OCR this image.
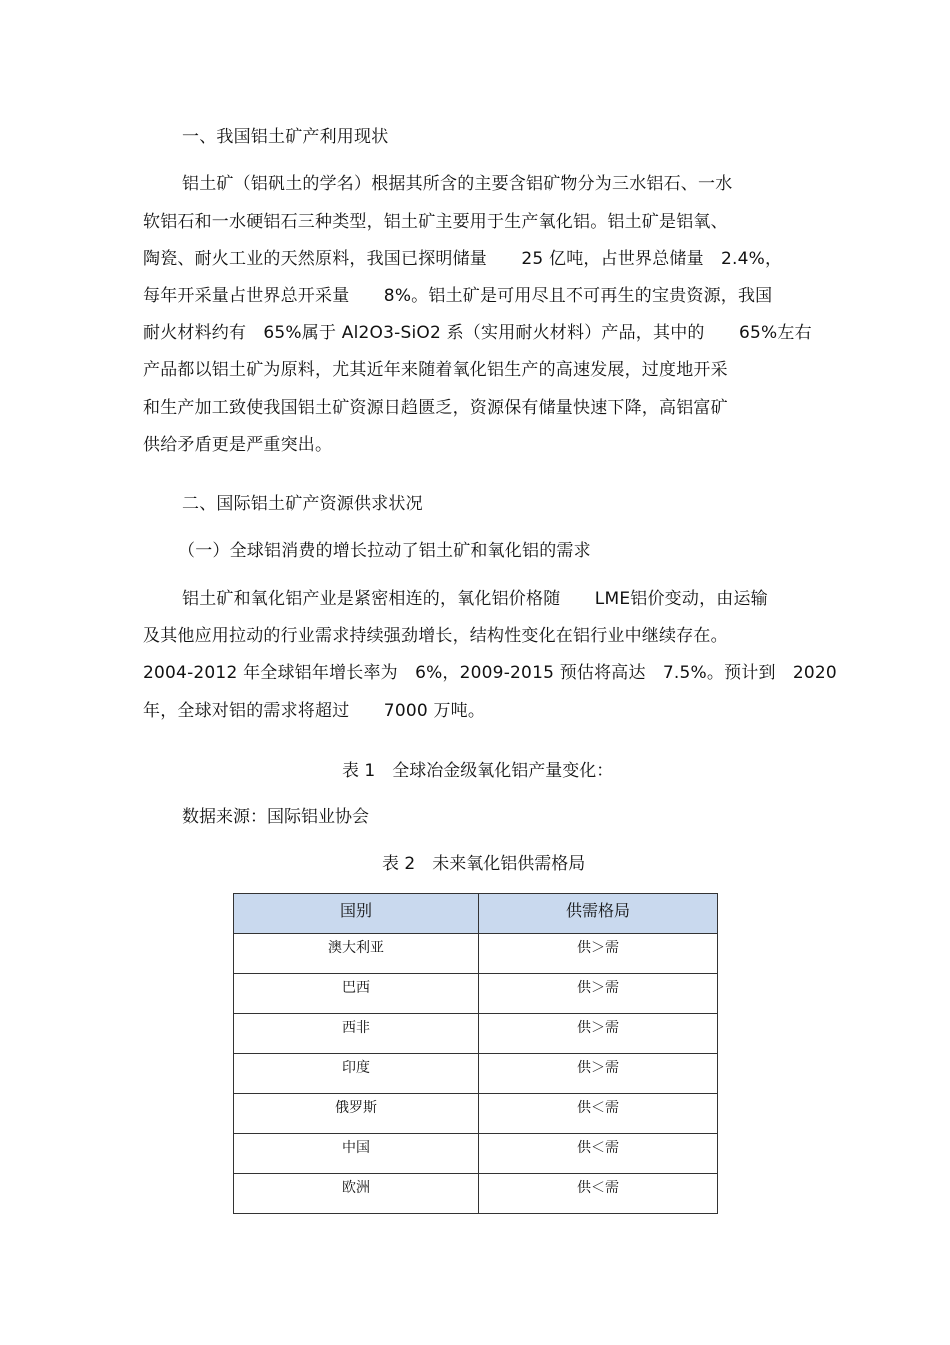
一、我国铝土矿产利用现状
铝土矿（铝矾土的学名）根据其所含的主要含铝矿物分为三水铝石、一水
软铝石和一水硬铝石三种类型，铝土矿主要用于生产氧化铝。铝土矿是铝氧、
陶瓷、耐火工业的天然原料，我国已探明储量　　25 亿吨，占世界总储量　2.4%，
每年开采量占世界总开采量　　8%。铝土矿是可用尽且不可再生的宝贵资源，我国
耐火材料约有　65%属于 Al2O3-SiO2 系（实用耐火材料）产品，其中的　　65%左右
产品都以铝土矿为原料，尤其近年来随着氧化铝生产的高速发展，过度地开采
和生产加工致使我国铝土矿资源日趋匮乏，资源保有储量快速下降，高铝富矿
供给矛盾更是严重突出。
二、国际铝土矿产资源供求状况
（一）全球铝消费的增长拉动了铝土矿和氧化铝的需求
铝土矿和氧化铝产业是紧密相连的，氧化铝价格随　　LME铝价变动，由运输
及其他应用拉动的行业需求持续强劲增长，结构性变化在铝行业中继续存在。
2004-2012 年全球铝年增长率为　6%，2009-2015 预估将高达　7.5%。预计到　2020
年，全球对铝的需求将超过　　7000 万吨。
表 1　全球冶金级氧化铝产量变化：
数据来源：国际铝业协会
表 2　未来氧化铝供需格局
国别	供需格局
澳大利亚	供＞需
巴西	供＞需
西非	供＞需
印度	供＞需
俄罗斯	供＜需
中国	供＜需
欧洲	供＜需
